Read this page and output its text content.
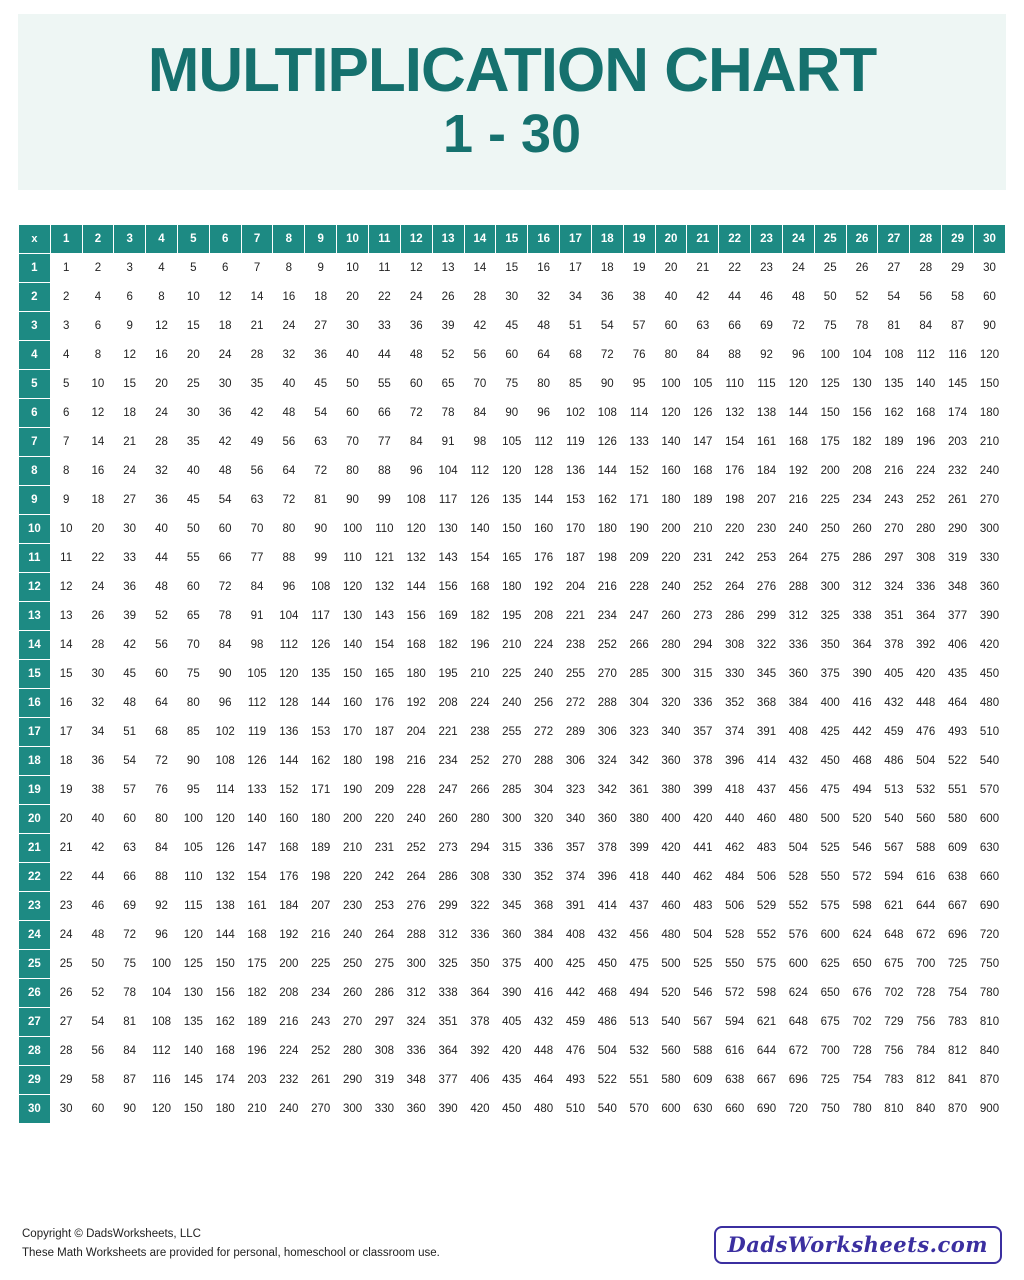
MULTIPLICATION CHART
1 - 30
x	1	2	3	4	5	6	7	8	9	10	11	12	13	14	15	16	17	18	19	20	21	22	23	24	25	26	27	28	29	30
1	1	2	3	4	5	6	7	8	9	10	11	12	13	14	15	16	17	18	19	20	21	22	23	24	25	26	27	28	29	30
2	2	4	6	8	10	12	14	16	18	20	22	24	26	28	30	32	34	36	38	40	42	44	46	48	50	52	54	56	58	60
3	3	6	9	12	15	18	21	24	27	30	33	36	39	42	45	48	51	54	57	60	63	66	69	72	75	78	81	84	87	90
4	4	8	12	16	20	24	28	32	36	40	44	48	52	56	60	64	68	72	76	80	84	88	92	96	100	104	108	112	116	120
5	5	10	15	20	25	30	35	40	45	50	55	60	65	70	75	80	85	90	95	100	105	110	115	120	125	130	135	140	145	150
6	6	12	18	24	30	36	42	48	54	60	66	72	78	84	90	96	102	108	114	120	126	132	138	144	150	156	162	168	174	180
7	7	14	21	28	35	42	49	56	63	70	77	84	91	98	105	112	119	126	133	140	147	154	161	168	175	182	189	196	203	210
8	8	16	24	32	40	48	56	64	72	80	88	96	104	112	120	128	136	144	152	160	168	176	184	192	200	208	216	224	232	240
9	9	18	27	36	45	54	63	72	81	90	99	108	117	126	135	144	153	162	171	180	189	198	207	216	225	234	243	252	261	270
10	10	20	30	40	50	60	70	80	90	100	110	120	130	140	150	160	170	180	190	200	210	220	230	240	250	260	270	280	290	300
11	11	22	33	44	55	66	77	88	99	110	121	132	143	154	165	176	187	198	209	220	231	242	253	264	275	286	297	308	319	330
12	12	24	36	48	60	72	84	96	108	120	132	144	156	168	180	192	204	216	228	240	252	264	276	288	300	312	324	336	348	360
13	13	26	39	52	65	78	91	104	117	130	143	156	169	182	195	208	221	234	247	260	273	286	299	312	325	338	351	364	377	390
14	14	28	42	56	70	84	98	112	126	140	154	168	182	196	210	224	238	252	266	280	294	308	322	336	350	364	378	392	406	420
15	15	30	45	60	75	90	105	120	135	150	165	180	195	210	225	240	255	270	285	300	315	330	345	360	375	390	405	420	435	450
16	16	32	48	64	80	96	112	128	144	160	176	192	208	224	240	256	272	288	304	320	336	352	368	384	400	416	432	448	464	480
17	17	34	51	68	85	102	119	136	153	170	187	204	221	238	255	272	289	306	323	340	357	374	391	408	425	442	459	476	493	510
18	18	36	54	72	90	108	126	144	162	180	198	216	234	252	270	288	306	324	342	360	378	396	414	432	450	468	486	504	522	540
19	19	38	57	76	95	114	133	152	171	190	209	228	247	266	285	304	323	342	361	380	399	418	437	456	475	494	513	532	551	570
20	20	40	60	80	100	120	140	160	180	200	220	240	260	280	300	320	340	360	380	400	420	440	460	480	500	520	540	560	580	600
21	21	42	63	84	105	126	147	168	189	210	231	252	273	294	315	336	357	378	399	420	441	462	483	504	525	546	567	588	609	630
22	22	44	66	88	110	132	154	176	198	220	242	264	286	308	330	352	374	396	418	440	462	484	506	528	550	572	594	616	638	660
23	23	46	69	92	115	138	161	184	207	230	253	276	299	322	345	368	391	414	437	460	483	506	529	552	575	598	621	644	667	690
24	24	48	72	96	120	144	168	192	216	240	264	288	312	336	360	384	408	432	456	480	504	528	552	576	600	624	648	672	696	720
25	25	50	75	100	125	150	175	200	225	250	275	300	325	350	375	400	425	450	475	500	525	550	575	600	625	650	675	700	725	750
26	26	52	78	104	130	156	182	208	234	260	286	312	338	364	390	416	442	468	494	520	546	572	598	624	650	676	702	728	754	780
27	27	54	81	108	135	162	189	216	243	270	297	324	351	378	405	432	459	486	513	540	567	594	621	648	675	702	729	756	783	810
28	28	56	84	112	140	168	196	224	252	280	308	336	364	392	420	448	476	504	532	560	588	616	644	672	700	728	756	784	812	840
29	29	58	87	116	145	174	203	232	261	290	319	348	377	406	435	464	493	522	551	580	609	638	667	696	725	754	783	812	841	870
30	30	60	90	120	150	180	210	240	270	300	330	360	390	420	450	480	510	540	570	600	630	660	690	720	750	780	810	840	870	900
Copyright © DadsWorksheets, LLC
These Math Worksheets are provided for personal, homeschool or classroom use.	DadsWorksheets.com
